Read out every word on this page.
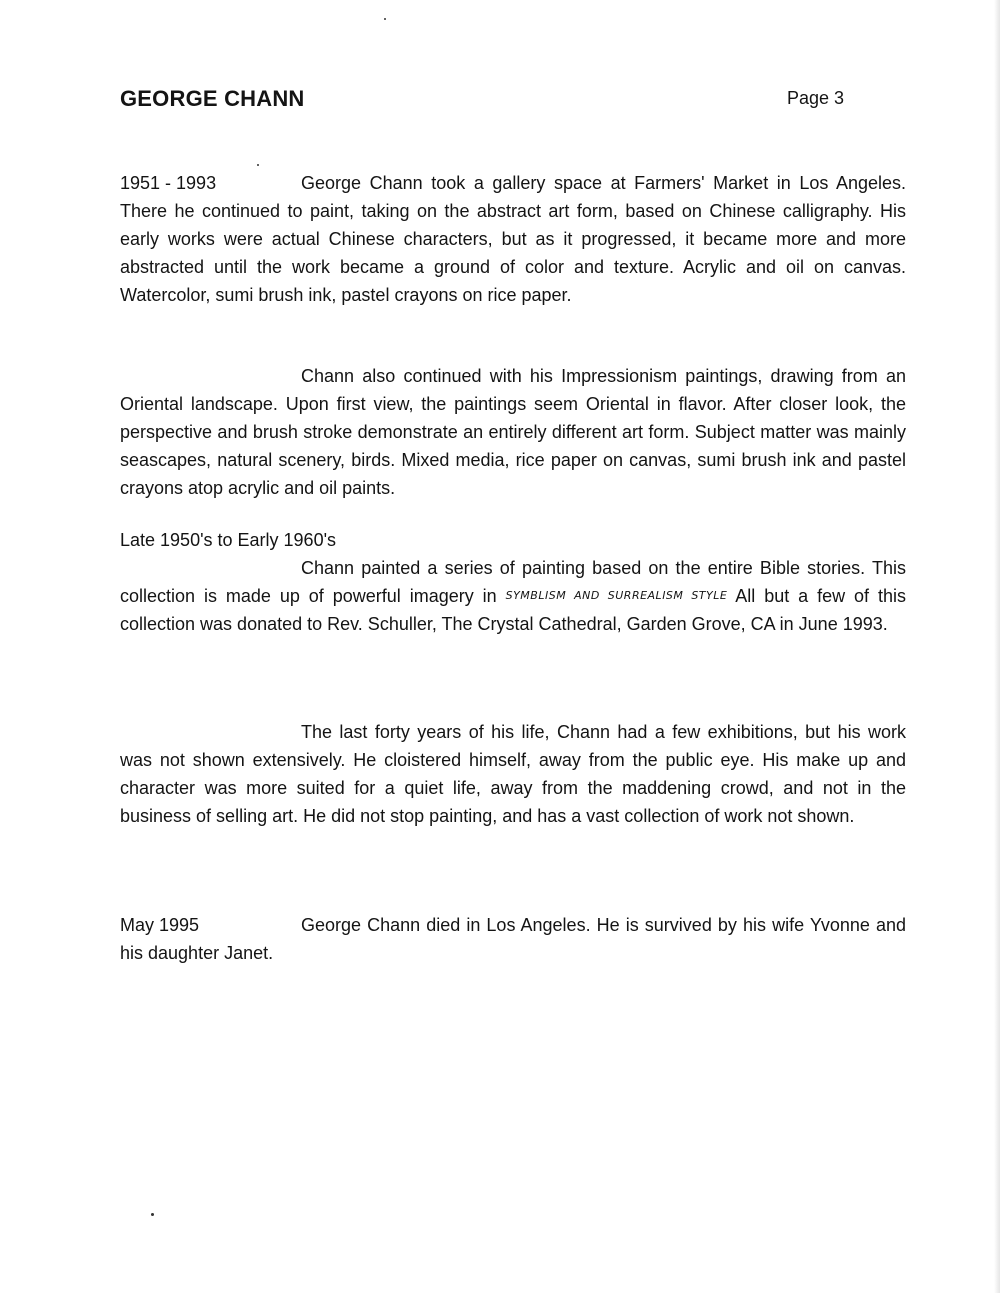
GEORGE CHANN	Page 3

1951 - 1993	George Chann took a gallery space at Farmers' Market in Los Angeles. There he continued to paint, taking on the abstract art form, based on Chinese calligraphy. His early works were actual Chinese characters, but as it progressed, it became more and more abstracted until the work became a ground of color and texture. Acrylic and oil on canvas. Watercolor, sumi brush ink, pastel crayons on rice paper.

Chann also continued with his Impressionism paintings, drawing from an Oriental landscape. Upon first view, the paintings seem Oriental in flavor. After closer look, the perspective and brush stroke demonstrate an entirely different art form. Subject matter was mainly seascapes, natural scenery, birds. Mixed media, rice paper on canvas, sumi brush ink and pastel crayons atop acrylic and oil paints.

Late 1950's to Early 1960's

Chann painted a series of painting based on the entire Bible stories. This collection is made up of powerful imagery in SYMBLISM AND SURREALISM STYLE All but a few of this collection was donated to Rev. Schuller, The Crystal Cathedral, Garden Grove, CA in June 1993.

The last forty years of his life, Chann had a few exhibitions, but his work was not shown extensively. He cloistered himself, away from the public eye. His make up and character was more suited for a quiet life, away from the maddening crowd, and not in the business of selling art. He did not stop painting, and has a vast collection of work not shown.

May 1995	George Chann died in Los Angeles. He is survived by his wife Yvonne and his daughter Janet.
